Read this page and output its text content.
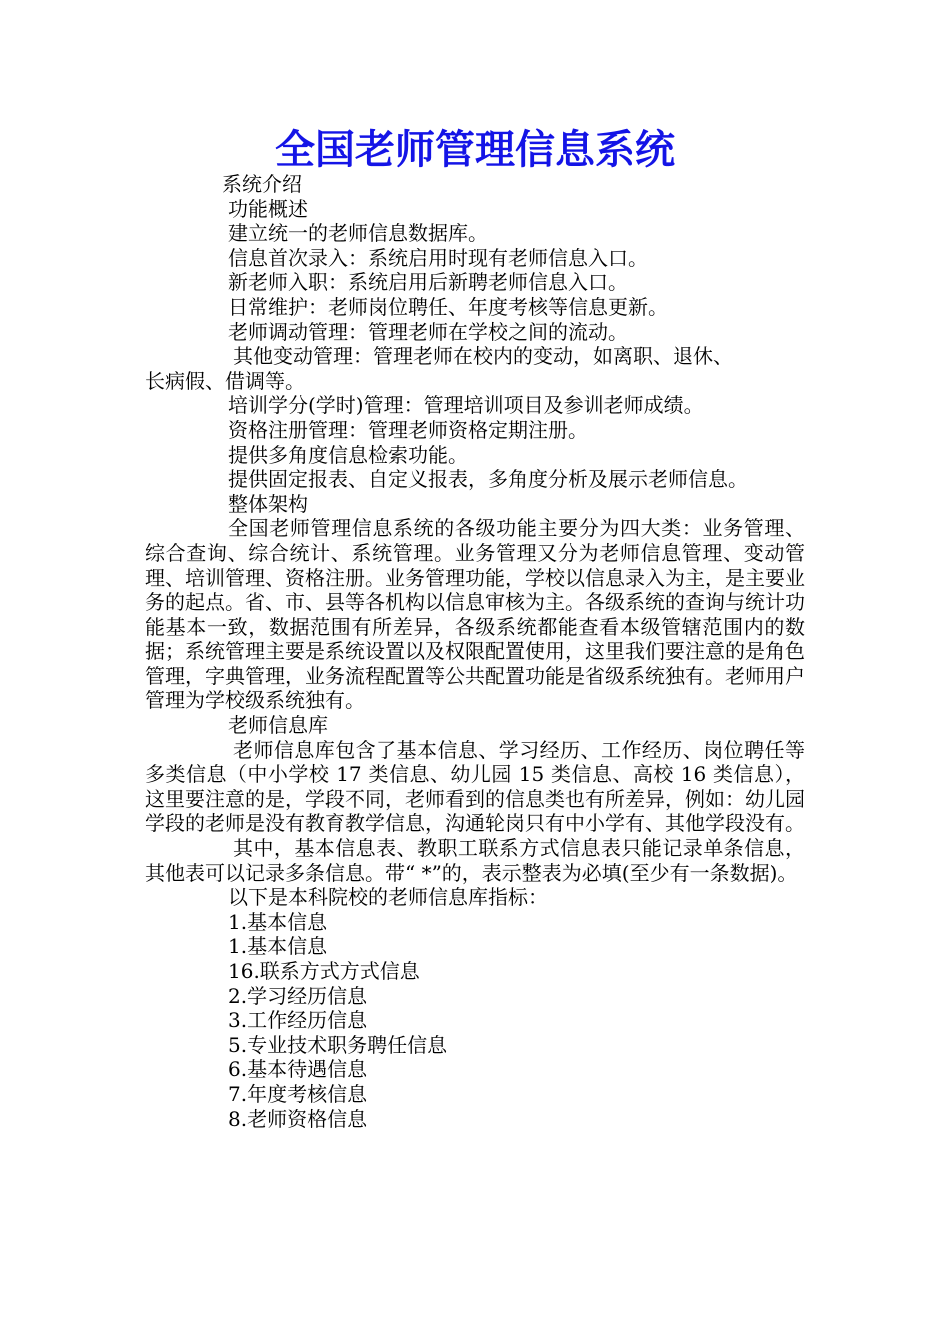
全国老师管理信息系统
系统介绍
功能概述
建立统一的老师信息数据库。
信息首次录入：系统启用时现有老师信息入口。
新老师入职：系统启用后新聘老师信息入口。
日常维护：老师岗位聘任、年度考核等信息更新。
老师调动管理：管理老师在学校之间的流动。
其他变动管理：管理老师在校内的变动，如离职、退休、
长病假、借调等。
培训学分(学时)管理：管理培训项目及参训老师成绩。
资格注册管理：管理老师资格定期注册。
提供多角度信息检索功能。
提供固定报表、自定义报表，多角度分析及展示老师信息。
整体架构
全国老师管理信息系统的各级功能主要分为四大类：业务管理、综合查询、综合统计、系统管理。业务管理又分为老师信息管理、变动管理、培训管理、资格注册。业务管理功能，学校以信息录入为主，是主要业务的起点。省、市、县等各机构以信息审核为主。各级系统的查询与统计功能基本一致，数据范围有所差异，各级系统都能查看本级管辖范围内的数据；系统管理主要是系统设置以及权限配置使用，这里我们要注意的是角色管理，字典管理，业务流程配置等公共配置功能是省级系统独有。老师用户管理为学校级系统独有。
老师信息库
老师信息库包含了基本信息、学习经历、工作经历、岗位聘任等多类信息（中小学校 17 类信息、幼儿园 15 类信息、高校 16 类信息），这里要注意的是，学段不同，老师看到的信息类也有所差异，例如：幼儿园学段的老师是没有教育教学信息，沟通轮岗只有中小学有、其他学段没有。
其中，基本信息表、教职工联系方式信息表只能记录单条信息，其他表可以记录多条信息。带“ *”的，表示整表为必填(至少有一条数据)。
以下是本科院校的老师信息库指标：
1.基本信息
1.基本信息
16.联系方式方式信息
2.学习经历信息
3.工作经历信息
5.专业技术职务聘任信息
6.基本待遇信息
7.年度考核信息
8.老师资格信息
